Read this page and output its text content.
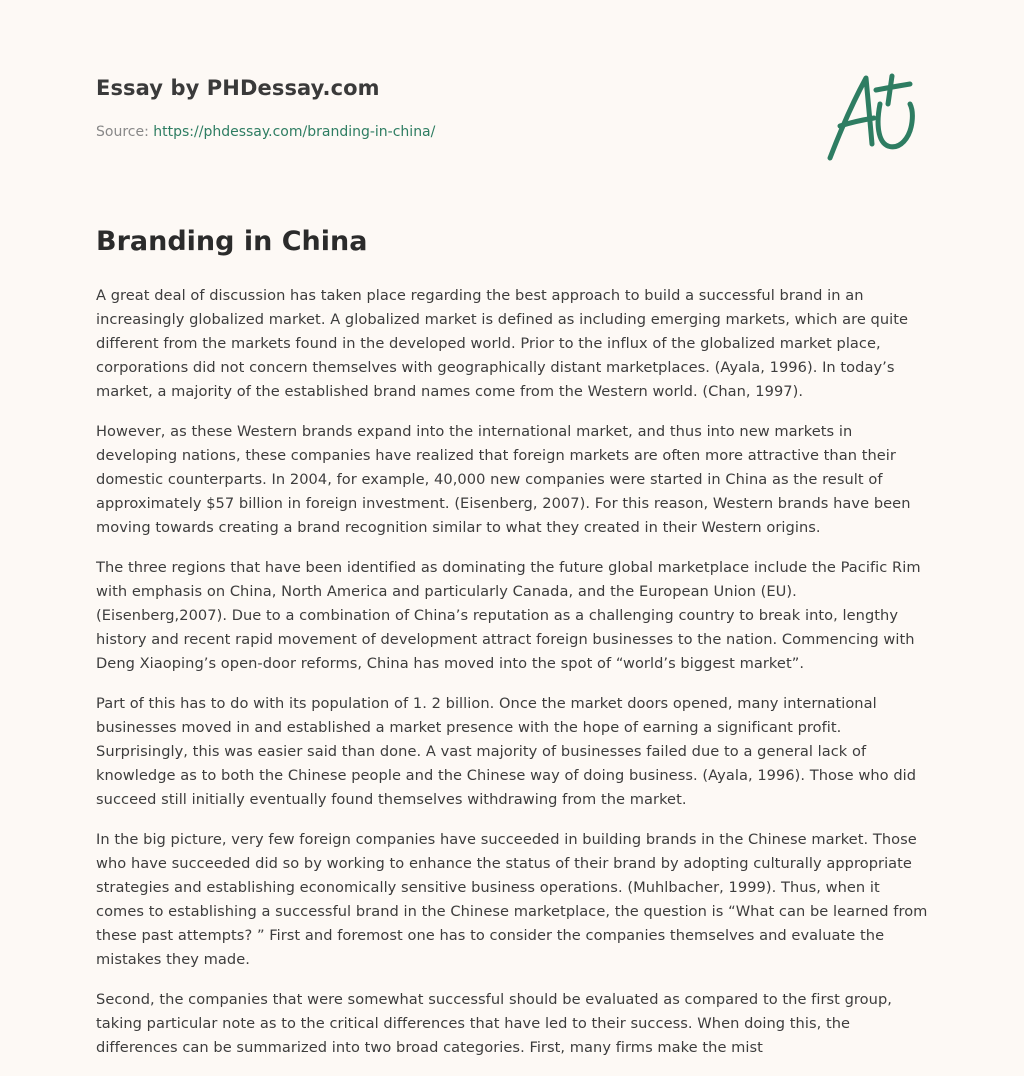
Essay by PHDessay.com
Source: https://phdessay.com/branding-in-china/
Branding in China

A great deal of discussion has taken place regarding the best approach to build a successful brand in an increasingly globalized market. A globalized market is defined as including emerging markets, which are quite different from the markets found in the developed world. Prior to the influx of the globalized market place, corporations did not concern themselves with geographically distant marketplaces. (Ayala, 1996). In today’s market, a majority of the established brand names come from the Western world. (Chan, 1997).

However, as these Western brands expand into the international market, and thus into new markets in developing nations, these companies have realized that foreign markets are often more attractive than their domestic counterparts. In 2004, for example, 40,000 new companies were started in China as the result of approximately $57 billion in foreign investment. (Eisenberg, 2007). For this reason, Western brands have been moving towards creating a brand recognition similar to what they created in their Western origins.

The three regions that have been identified as dominating the future global marketplace include the Pacific Rim with emphasis on China, North America and particularly Canada, and the European Union (EU). (Eisenberg,2007). Due to a combination of China’s reputation as a challenging country to break into, lengthy history and recent rapid movement of development attract foreign businesses to the nation. Commencing with Deng Xiaoping’s open-door reforms, China has moved into the spot of “world’s biggest market”.

Part of this has to do with its population of 1. 2 billion. Once the market doors opened, many international businesses moved in and established a market presence with the hope of earning a significant profit. Surprisingly, this was easier said than done. A vast majority of businesses failed due to a general lack of knowledge as to both the Chinese people and the Chinese way of doing business. (Ayala, 1996). Those who did succeed still initially eventually found themselves withdrawing from the market.

In the big picture, very few foreign companies have succeeded in building brands in the Chinese market. Those who have succeeded did so by working to enhance the status of their brand by adopting culturally appropriate strategies and establishing economically sensitive business operations. (Muhlbacher, 1999). Thus, when it comes to establishing a successful brand in the Chinese marketplace, the question is “What can be learned from these past attempts? ” First and foremost one has to consider the companies themselves and evaluate the mistakes they made.

Second, the companies that were somewhat successful should be evaluated as compared to the first group, taking particular note as to the critical differences that have led to their success. When doing this, the differences can be summarized into two broad categories. First, many firms make the mist
